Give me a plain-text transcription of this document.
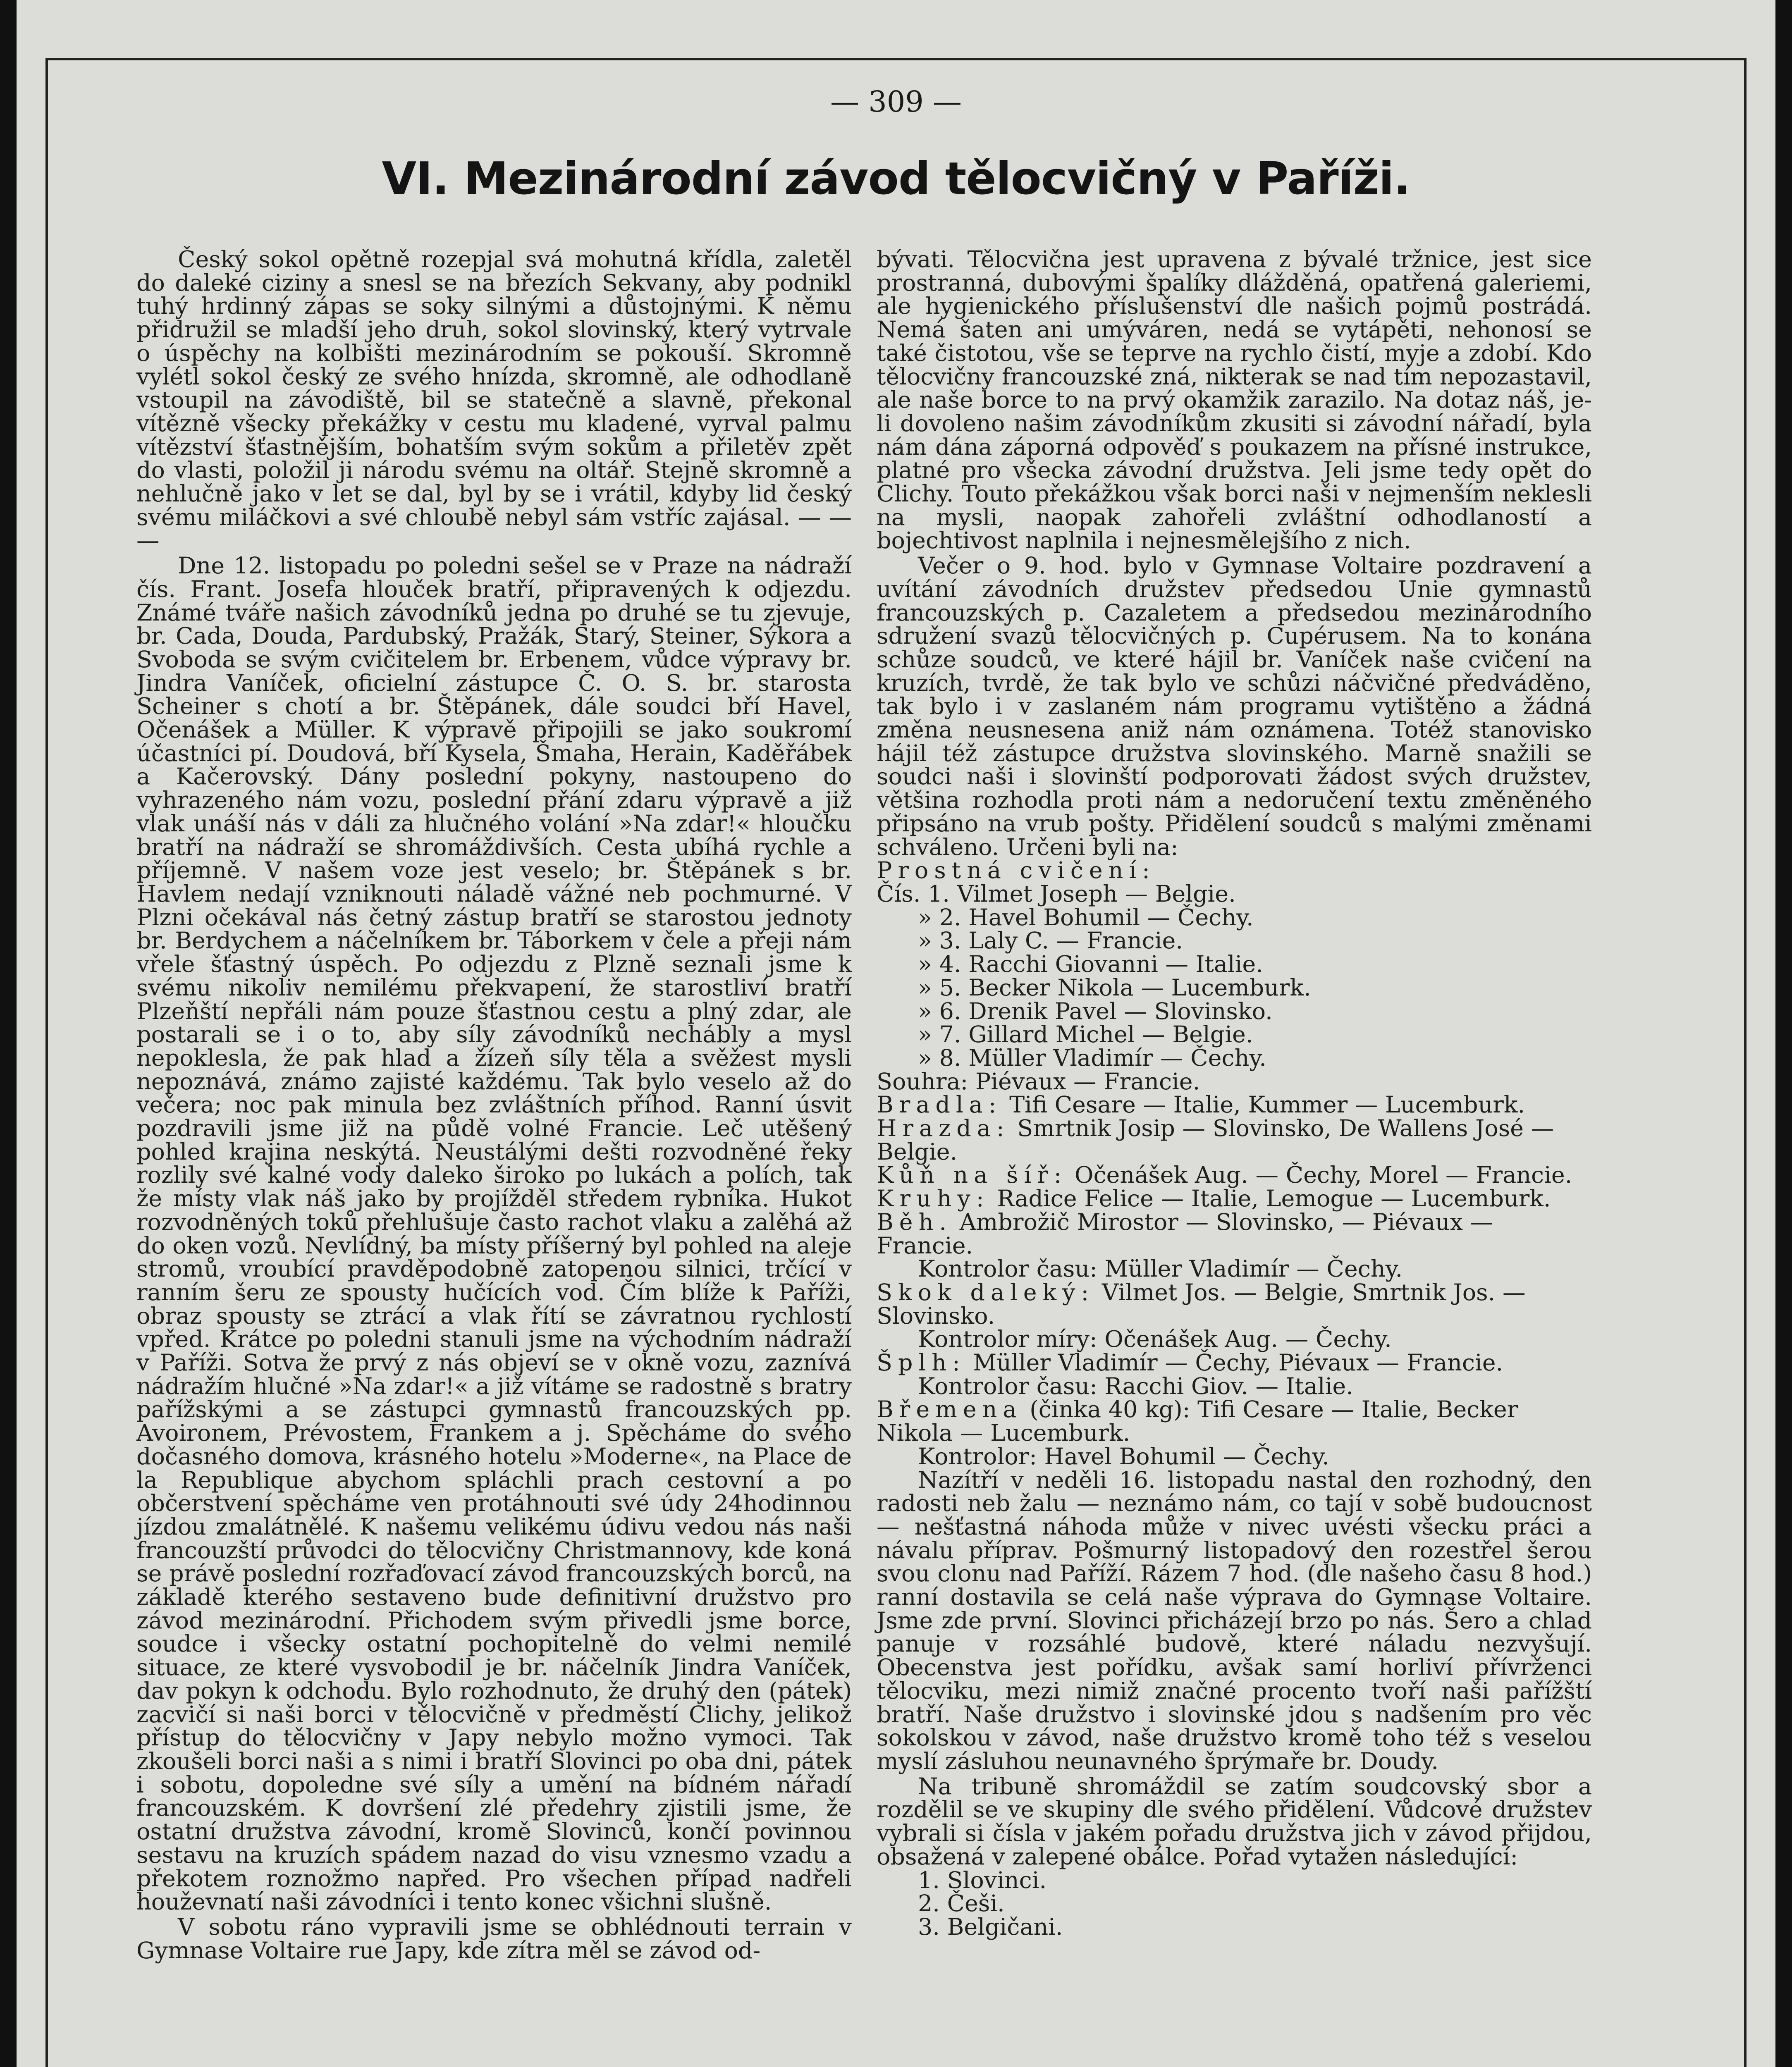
— 309 —
VI. Mezinárodní závod tělocvičný v Paříži.

Český sokol opětně rozepjal svá mohutná křídla, zaletěl do daleké ciziny a snesl se na březích Sekvany, aby podnikl tuhý hrdinný zápas se soky silnými a důstojnými. K němu přidružil se mladší jeho druh, sokol slovinský, který vytrvale o úspěchy na kolbišti mezinárodním se pokouší. Skromně vylétl sokol český ze svého hnízda, skromně, ale odhodlaně vstoupil na závodiště, bil se statečně a slavně, překonal vítězně všecky překážky v cestu mu kladené, vyrval palmu vítězství šťastnějším, bohatším svým sokům a přiletěv zpět do vlasti, položil ji národu svému na oltář. Stejně skromně a nehlučně jako v let se dal, byl by se i vrátil, kdyby lid český svému miláčkovi a své chloubě nebyl sám vstříc zajásal. — — —

Dne 12. listopadu po poledni sešel se v Praze na nádraží čís. Frant. Josefa hlouček bratří, připravených k odjezdu. Známé tváře našich závodníků jedna po druhé se tu zjevuje, br. Cada, Douda, Pardubský, Pražák, Starý, Steiner, Sýkora a Svoboda se svým cvičitelem br. Erbenem, vůdce výpravy br. Jindra Vaníček, oficielní zástupce Č. O. S. br. starosta Scheiner s chotí a br. Štěpánek, dále soudci bří Havel, Očenášek a Müller. K výpravě připojili se jako soukromí účastníci pí. Doudová, bří Kysela, Šmaha, Herain, Kaděřábek a Kačerovský. Dány poslední pokyny, nastoupeno do vyhrazeného nám vozu, poslední přání zdaru výpravě a již vlak unáší nás v dáli za hlučného volání »Na zdar!« hloučku bratří na nádraží se shromáždivších. Cesta ubíhá rychle a příjemně. V našem voze jest veselo; br. Štěpánek s br. Havlem nedají vzniknouti náladě vážné neb pochmurné. V Plzni očekával nás četný zástup bratří se starostou jednoty br. Berdychem a náčelníkem br. Táborkem v čele a přeji nám vřele šťastný úspěch. Po odjezdu z Plzně seznali jsme k svému nikoliv nemilému překvapení, že starostliví bratří Plzeňští nepřáli nám pouze šťastnou cestu a plný zdar, ale postarali se i o to, aby síly závodníků nechábly a mysl nepoklesla, že pak hlad a žízeň síly těla a svěžest mysli nepoznává, známo zajisté každému. Tak bylo veselo až do večera; noc pak minula bez zvláštních příhod. Ranní úsvit pozdravili jsme již na půdě volné Francie. Leč utěšený pohled krajina neskýtá. Neustálými dešti rozvodněné řeky rozlily své kalné vody daleko široko po lukách a polích, tak že místy vlak náš jako by projížděl středem rybníka. Hukot rozvodněných toků přehlušuje často rachot vlaku a zalěhá až do oken vozů. Nevlídný, ba místy příšerný byl pohled na aleje stromů, vroubící pravděpodobně zatopenou silnici, trčící v ranním šeru ze spousty hučících vod. Čím blíže k Paříži, obraz spousty se ztrácí a vlak řítí se závratnou rychlostí vpřed. Krátce po poledni stanuli jsme na východním nádraží v Paříži. Sotva že prvý z nás objeví se v okně vozu, zaznívá nádražím hlučné »Na zdar!« a již vítáme se radostně s bratry pařížskými a se zástupci gymnastů francouzských pp. Avoironem, Prévostem, Frankem a j. Spěcháme do svého dočasného domova, krásného hotelu »Moderne«, na Place de la Republique abychom spláchli prach cestovní a po občerstvení spěcháme ven protáhnouti své údy 24hodinnou jízdou zmalátnělé. K našemu velikému údivu vedou nás naši francouzští průvodci do tělocvičny Christmannovy, kde koná se právě poslední rozřaďovací závod francouzských borců, na základě kterého sestaveno bude definitivní družstvo pro závod mezinárodní. Přichodem svým přivedli jsme borce, soudce i všecky ostatní pochopitelně do velmi nemilé situace, ze které vysvobodil je br. náčelník Jindra Vaníček, dav pokyn k odchodu. Bylo rozhodnuto, že druhý den (pátek) zacvičí si naši borci v tělocvičně v předměstí Clichy, jelikož přístup do tělocvičny v Japy nebylo možno vymoci. Tak zkoušeli borci naši a s nimi i bratří Slovinci po oba dni, pátek i sobotu, dopoledne své síly a umění na bídném nářadí francouzském. K dovršení zlé předehry zjistili jsme, že ostatní družstva závodní, kromě Slovinců, končí povinnou sestavu na kruzích spádem nazad do visu vznesmo vzadu a překotem roznožmo napřed. Pro všechen případ nadřeli houževnatí naši závodníci i tento konec všichni slušně.

V sobotu ráno vypravili jsme se obhlédnouti terrain v Gymnase Voltaire rue Japy, kde zítra měl se závod od-

bývati. Tělocvična jest upravena z bývalé tržnice, jest sice prostranná, dubovými špalíky dlážděná, opatřená galeriemi, ale hygienického příslušenství dle našich pojmů postrádá. Nemá šaten ani umýváren, nedá se vytápěti, nehonosí se také čistotou, vše se teprve na rychlo čistí, myje a zdobí. Kdo tělocvičny francouzské zná, nikterak se nad tím nepozastavil, ale naše borce to na prvý okamžik zarazilo. Na dotaz náš, je-li dovoleno našim závodníkům zkusiti si závodní nářadí, byla nám dána záporná odpověď s poukazem na přísné instrukce, platné pro všecka závodní družstva. Jeli jsme tedy opět do Clichy. Touto překážkou však borci naši v nejmenším neklesli na mysli, naopak zahořeli zvláštní odhodlaností a bojechtivost naplnila i nejnesmělejšího z nich.

Večer o 9. hod. bylo v Gymnase Voltaire pozdravení a uvítání závodních družstev předsedou Unie gymnastů francouzských p. Cazaletem a předsedou mezinárodního sdružení svazů tělocvičných p. Cupérusem. Na to konána schůze soudců, ve které hájil br. Vaníček naše cvičení na kruzích, tvrdě, že tak bylo ve schůzi náčvičné předváděno, tak bylo i v zaslaném nám programu vytištěno a žádná změna neusnesena aniž nám oznámena. Totéž stanovisko hájil též zástupce družstva slovinského. Marně snažili se soudci naši i slovinští podporovati žádost svých družstev, většina rozhodla proti nám a nedoručení textu změněného připsáno na vrub pošty. Přidělení soudců s malými změnami schváleno. Určeni byli na:

Prostná cvičení:
Čís. 1. Vilmet Joseph — Belgie.
» 2. Havel Bohumil — Čechy.
» 3. Laly C. — Francie.
» 4. Racchi Giovanni — Italie.
» 5. Becker Nikola — Lucemburk.
» 6. Drenik Pavel — Slovinsko.
» 7. Gillard Michel — Belgie.
» 8. Müller Vladimír — Čechy.
Souhra: Piévaux — Francie.
Bradla: Tifi Cesare — Italie, Kummer — Lucemburk.
Hrazda: Smrtnik Josip — Slovinsko, De Wallens José — Belgie.
Kůň na šíř: Očenášek Aug. — Čechy, Morel — Francie.
Kruhy: Radice Felice — Italie, Lemogue — Lucemburk.
Běh. Ambrožič Mirostor — Slovinsko, — Piévaux — Francie.
Kontrolor času: Müller Vladimír — Čechy.
Skok daleký: Vilmet Jos. — Belgie, Smrtnik Jos. — Slovinsko.
Kontrolor míry: Očenášek Aug. — Čechy.
Šplh: Müller Vladimír — Čechy, Piévaux — Francie.
Kontrolor času: Racchi Giov. — Italie.
Břemena (činka 40 kg): Tifi Cesare — Italie, Becker Nikola — Lucemburk.
Kontrolor: Havel Bohumil — Čechy.

Nazítří v neděli 16. listopadu nastal den rozhodný, den radosti neb žalu — neznámo nám, co tají v sobě budoucnost — nešťastná náhoda může v nivec uvésti všecku práci a návalu příprav. Pošmurný listopadový den rozestřel šerou svou clonu nad Paříží. Rázem 7 hod. (dle našeho času 8 hod.) ranní dostavila se celá naše výprava do Gymnase Voltaire. Jsme zde první. Slovinci přicházejí brzo po nás. Šero a chlad panuje v rozsáhlé budově, které náladu nezvyšují. Obecenstva jest pořídku, avšak samí horliví přívrženci tělocviku, mezi nimiž značné procento tvoří naši pařížští bratří. Naše družstvo i slovinské jdou s nadšením pro věc sokolskou v závod, naše družstvo kromě toho též s veselou myslí zásluhou neunavného šprýmaře br. Doudy.

Na tribuně shromáždil se zatím soudcovský sbor a rozdělil se ve skupiny dle svého přidělení. Vůdcové družstev vybrali si čísla v jakém pořadu družstva jich v závod přijdou, obsažená v zalepené obálce. Pořad vytažen následující:

1. Slovinci.
2. Češi.
3. Belgičani.
